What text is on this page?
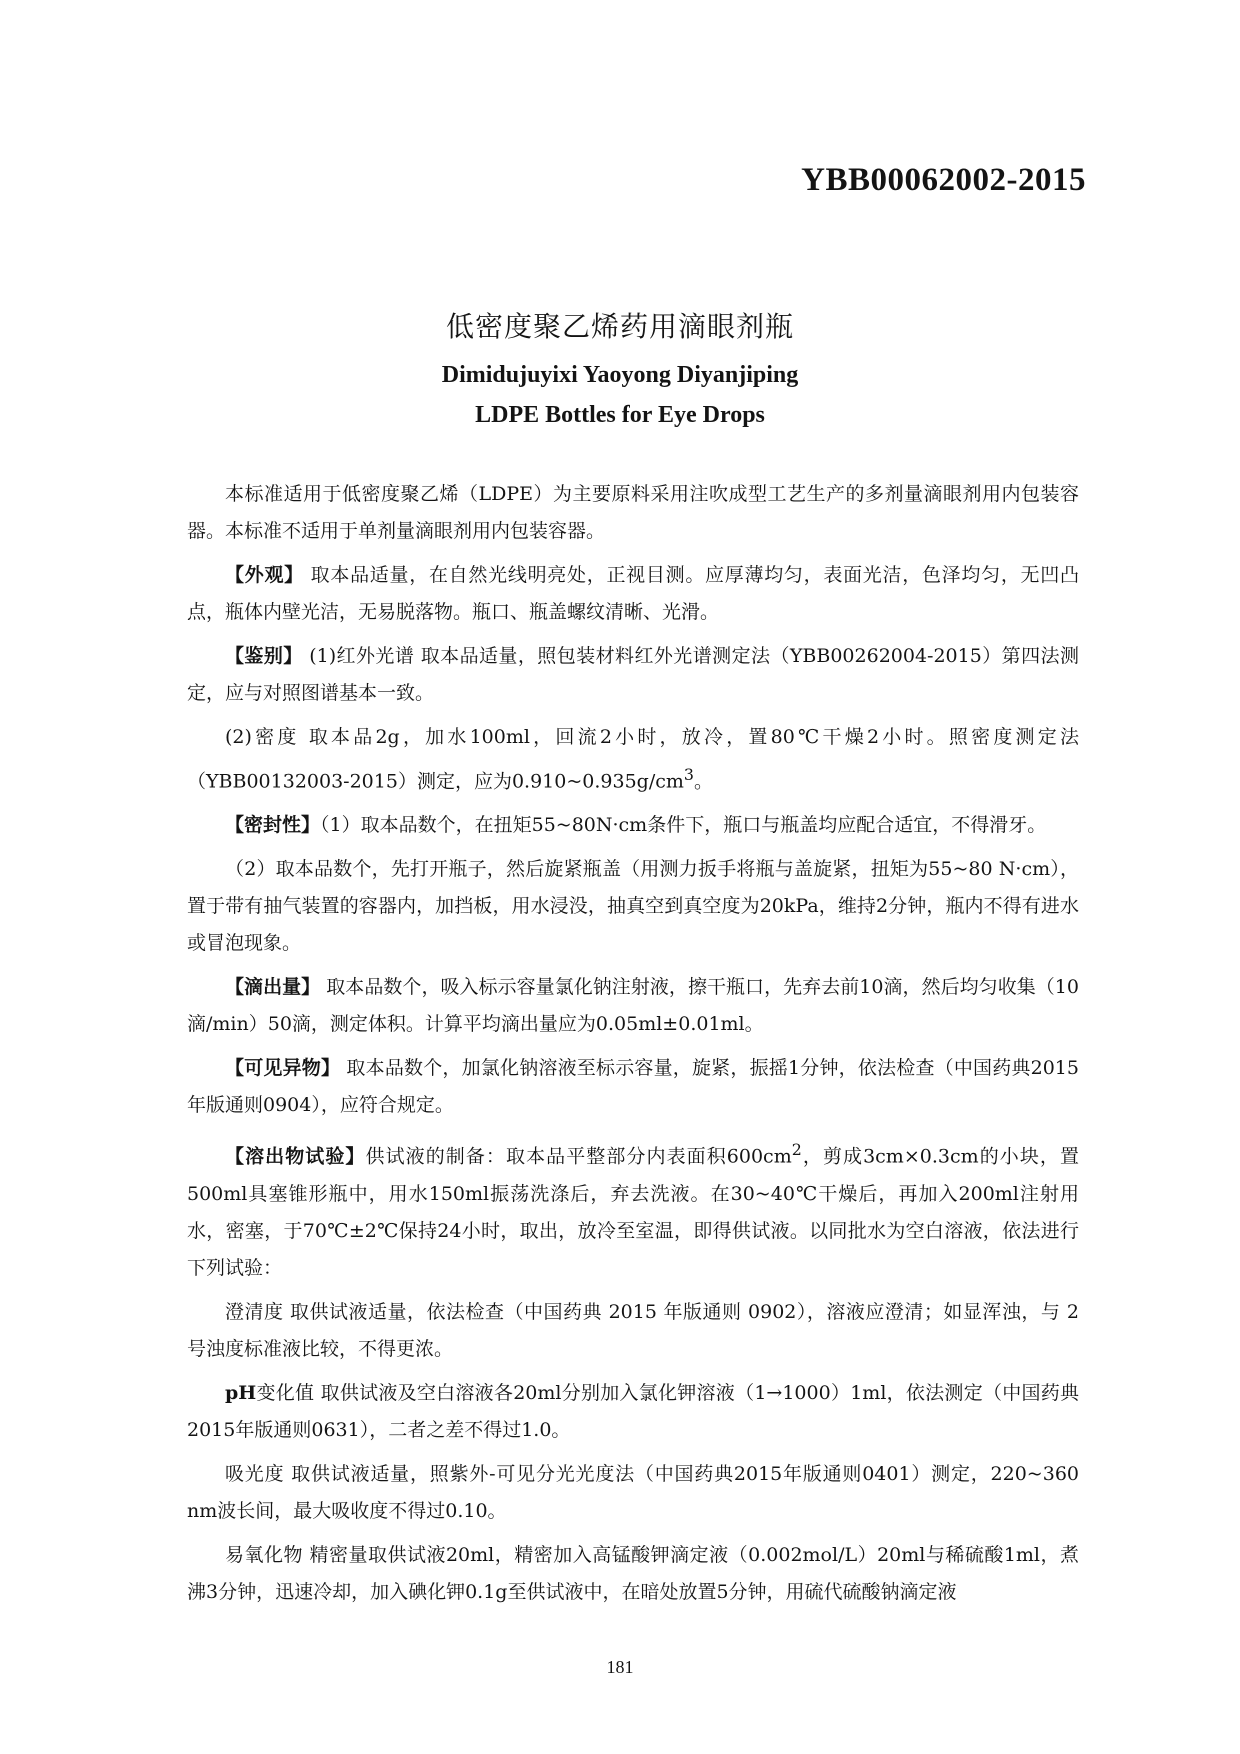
YBB00062002-2015
低密度聚乙烯药用滴眼剂瓶
Dimidujuyixi Yaoyong Diyanjiping
LDPE Bottles for Eye Drops

本标准适用于低密度聚乙烯（LDPE）为主要原料采用注吹成型工艺生产的多剂量滴眼剂用内包装容器。本标准不适用于单剂量滴眼剂用内包装容器。

【外观】 取本品适量，在自然光线明亮处，正视目测。应厚薄均匀，表面光洁，色泽均匀，无凹凸点，瓶体内壁光洁，无易脱落物。瓶口、瓶盖螺纹清晰、光滑。

【鉴别】 (1)红外光谱 取本品适量，照包装材料红外光谱测定法（YBB00262004-2015）第四法测定，应与对照图谱基本一致。

(2)密度 取本品2g，加水100ml，回流2小时，放冷，置80℃干燥2小时。照密度测定法（YBB00132003-2015）测定，应为$0.910\sim 0.935g/cm^3$。

【密封性】（1）取本品数个，在扭矩55~80N·cm条件下，瓶口与瓶盖均应配合适宜，不得滑牙。

（2）取本品数个，先打开瓶子，然后旋紧瓶盖（用测力扳手将瓶与盖旋紧，扭矩为55~80 N·cm），置于带有抽气装置的容器内，加挡板，用水浸没，抽真空到真空度为20kPa，维持2分钟，瓶内不得有进水或冒泡现象。

【滴出量】 取本品数个，吸入标示容量氯化钠注射液，擦干瓶口，先弃去前10滴，然后均匀收集（10滴/min）50滴，测定体积。计算平均滴出量应为0.05ml±0.01ml。

【可见异物】 取本品数个，加氯化钠溶液至标示容量，旋紧，振摇1分钟，依法检查（中国药典2015年版通则0904），应符合规定。

【溶出物试验】供试液的制备：取本品平整部分内表面积$600cm^2$，剪成3cm×0.3cm的小块，置500ml具塞锥形瓶中，用水150ml振荡洗涤后，弃去洗液。在30~40℃干燥后，再加入200ml注射用水，密塞，于70℃±2℃保持24小时，取出，放冷至室温，即得供试液。以同批水为空白溶液，依法进行下列试验：

澄清度 取供试液适量，依法检查（中国药典 2015 年版通则 0902），溶液应澄清；如显浑浊，与 2 号浊度标准液比较，不得更浓。

pH变化值 取供试液及空白溶液各20ml分别加入氯化钾溶液（1→1000）1ml，依法测定（中国药典2015年版通则0631），二者之差不得过1.0。

吸光度 取供试液适量，照紫外-可见分光光度法（中国药典2015年版通则0401）测定，220~360 nm波长间，最大吸收度不得过0.10。

易氧化物 精密量取供试液20ml，精密加入高锰酸钾滴定液（0.002mol/L）20ml与稀硫酸1ml，煮沸3分钟，迅速冷却，加入碘化钾0.1g至供试液中，在暗处放置5分钟，用硫代硫酸钠滴定液

181
